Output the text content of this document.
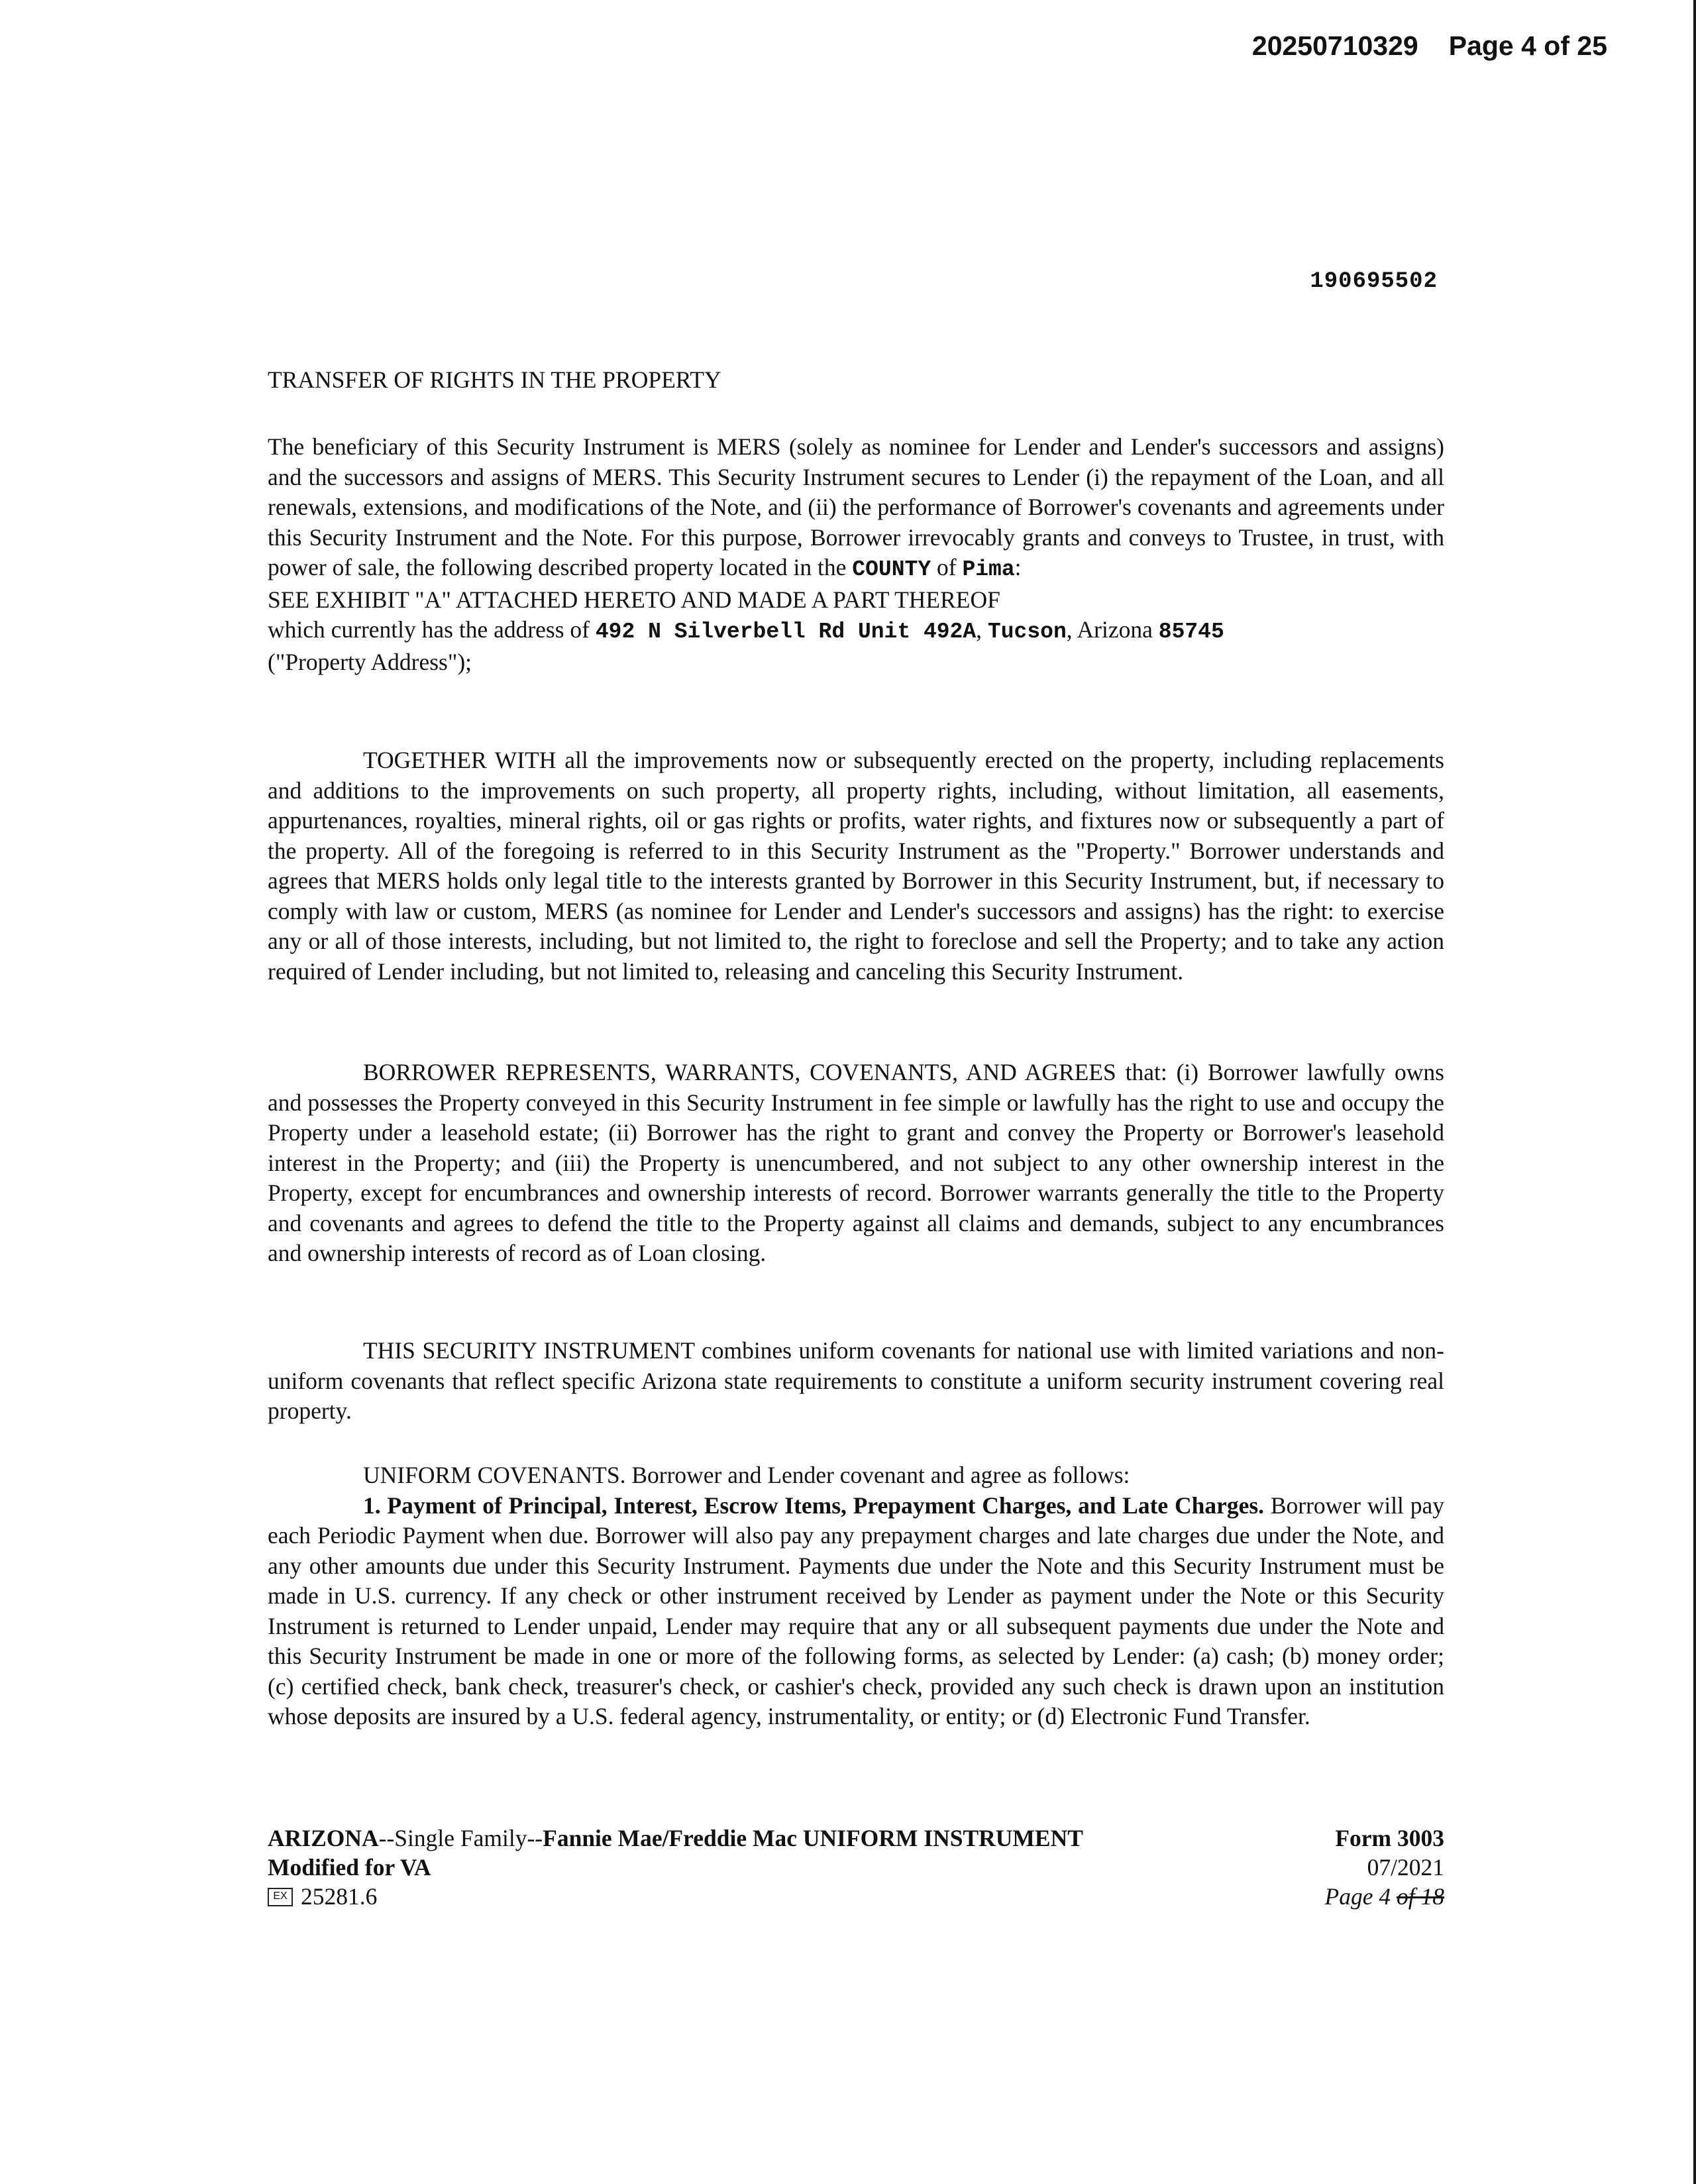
20250710329 Page 4 of 25
190695502
TRANSFER OF RIGHTS IN THE PROPERTY
The beneficiary of this Security Instrument is MERS (solely as nominee for Lender and Lender's successors and assigns) and the successors and assigns of MERS. This Security Instrument secures to Lender (i) the repayment of the Loan, and all renewals, extensions, and modifications of the Note, and (ii) the performance of Borrower's covenants and agreements under this Security Instrument and the Note. For this purpose, Borrower irrevocably grants and conveys to Trustee, in trust, with power of sale, the following described property located in the COUNTY of Pima:
SEE EXHIBIT "A" ATTACHED HERETO AND MADE A PART THEREOF
which currently has the address of 492 N Silverbell Rd Unit 492A, Tucson, Arizona 85745
("Property Address");
TOGETHER WITH all the improvements now or subsequently erected on the property, including replacements and additions to the improvements on such property, all property rights, including, without limitation, all easements, appurtenances, royalties, mineral rights, oil or gas rights or profits, water rights, and fixtures now or subsequently a part of the property. All of the foregoing is referred to in this Security Instrument as the "Property." Borrower understands and agrees that MERS holds only legal title to the interests granted by Borrower in this Security Instrument, but, if necessary to comply with law or custom, MERS (as nominee for Lender and Lender's successors and assigns) has the right: to exercise any or all of those interests, including, but not limited to, the right to foreclose and sell the Property; and to take any action required of Lender including, but not limited to, releasing and canceling this Security Instrument.
BORROWER REPRESENTS, WARRANTS, COVENANTS, AND AGREES that: (i) Borrower lawfully owns and possesses the Property conveyed in this Security Instrument in fee simple or lawfully has the right to use and occupy the Property under a leasehold estate; (ii) Borrower has the right to grant and convey the Property or Borrower's leasehold interest in the Property; and (iii) the Property is unencumbered, and not subject to any other ownership interest in the Property, except for encumbrances and ownership interests of record. Borrower warrants generally the title to the Property and covenants and agrees to defend the title to the Property against all claims and demands, subject to any encumbrances and ownership interests of record as of Loan closing.
THIS SECURITY INSTRUMENT combines uniform covenants for national use with limited variations and non-uniform covenants that reflect specific Arizona state requirements to constitute a uniform security instrument covering real property.
UNIFORM COVENANTS. Borrower and Lender covenant and agree as follows:
1. Payment of Principal, Interest, Escrow Items, Prepayment Charges, and Late Charges. Borrower will pay each Periodic Payment when due. Borrower will also pay any prepayment charges and late charges due under the Note, and any other amounts due under this Security Instrument. Payments due under the Note and this Security Instrument must be made in U.S. currency. If any check or other instrument received by Lender as payment under the Note or this Security Instrument is returned to Lender unpaid, Lender may require that any or all subsequent payments due under the Note and this Security Instrument be made in one or more of the following forms, as selected by Lender: (a) cash; (b) money order; (c) certified check, bank check, treasurer's check, or cashier's check, provided any such check is drawn upon an institution whose deposits are insured by a U.S. federal agency, instrumentality, or entity; or (d) Electronic Fund Transfer.
ARIZONA--Single Family--Fannie Mae/Freddie Mac UNIFORM INSTRUMENT
Modified for VA
EX25281.6
Form 3003
07/2021
Page 4 of 18
